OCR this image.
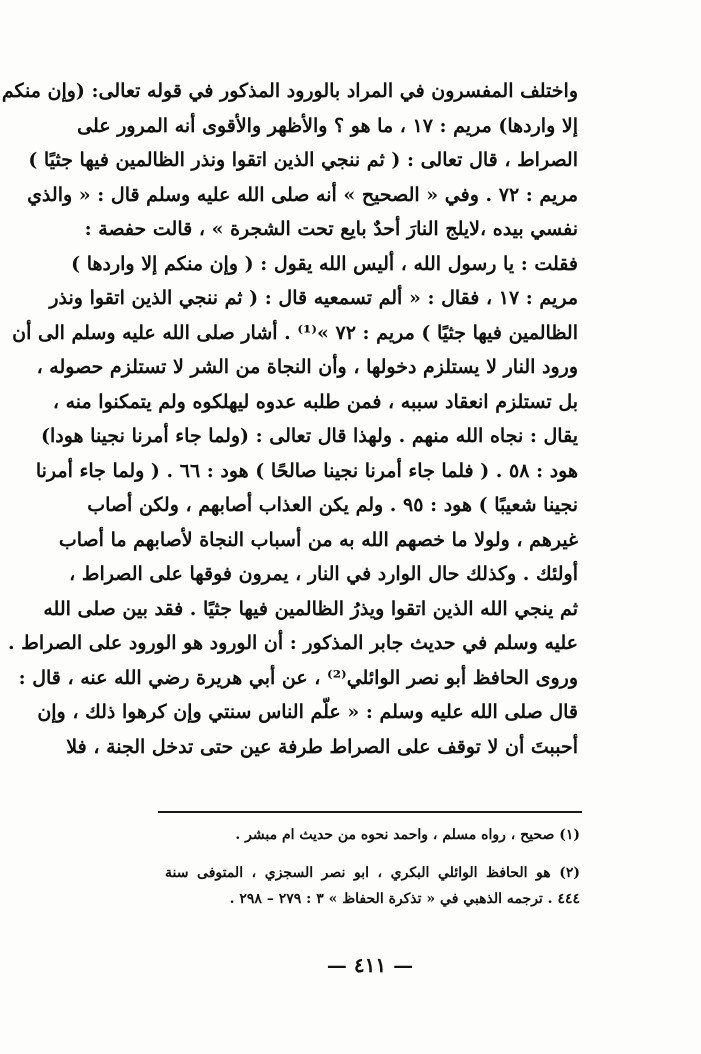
واختلف المفسرون في المراد بالورود المذكور في قوله تعالى: (وإن منكم
إلا واردها) مريم : ١٧ ، ما هو ؟ والأظهر والأقوى أنه المرور على
الصراط ، قال تعالى : ( ثم ننجي الذين اتقوا ونذر الظالمين فيها جثيًا )
مريم : ٧٢ . وفي « الصحيح » أنه صلى الله عليه وسلم قال : « والذي
نفسي بيده ،لايلج النارَ أحدٌ بايع تحت الشجرة » ، قالت حفصة :
فقلت : يا رسول الله ، أليس الله يقول : ( وإن منكم إلا واردها )
مريم : ١٧ ، فقال : « ألم تسمعيه قال : ( ثم ننجي الذين اتقوا ونذر
الظالمين فيها جثيًا ) مريم : ٧٢ »⁽¹⁾ . أشار صلى الله عليه وسلم الى أن
ورود النار لا يستلزم دخولها ، وأن النجاة من الشر لا تستلزم حصوله ،
بل تستلزم انعقاد سببه ، فمن طلبه عدوه ليهلكوه ولم يتمكنوا منه ،
يقال : نجاه الله منهم . ولهذا قال تعالى : (ولما جاء أمرنا نجينا هودا)
هود : ٥٨ . ( فلما جاء أمرنا نجينا صالحًا ) هود : ٦٦ . ( ولما جاء أمرنا
نجينا شعيبًا ) هود : ٩٥ . ولم يكن العذاب أصابهم ، ولكن أصاب
غيرهم ، ولولا ما خصهم الله به من أسباب النجاة لأصابهم ما أصاب
أولئك . وكذلك حال الوارد في النار ، يمرون فوقها على الصراط ،
ثم ينجي الله الذين اتقوا ويذرُ الظالمين فيها جثيًا . فقد بين صلى الله
عليه وسلم في حديث جابر المذكور : أن الورود هو الورود على الصراط .
وروى الحافظ أبو نصر الوائلي⁽²⁾ ، عن أبي هريرة رضي الله عنه ، قال :
قال صلى الله عليه وسلم : « علّم الناس سنتي وإن كرهوا ذلك ، وإن
أحببتَ أن لا توقف على الصراط طرفة عين حتى تدخل الجنة ، فلا
(١) صحيح ، رواه مسلم ، واحمد نحوه من حديث ام مبشر .
(٢) هو الحافظ الوائلي البكري ، ابو نصر السجزي ، المتوفى سنة
٤٤٤ . ترجمه الذهبي في « تذكرة الحفاظ » ٣ : ٢٧٩ – ٢٩٨ .
— ٤١١ —
